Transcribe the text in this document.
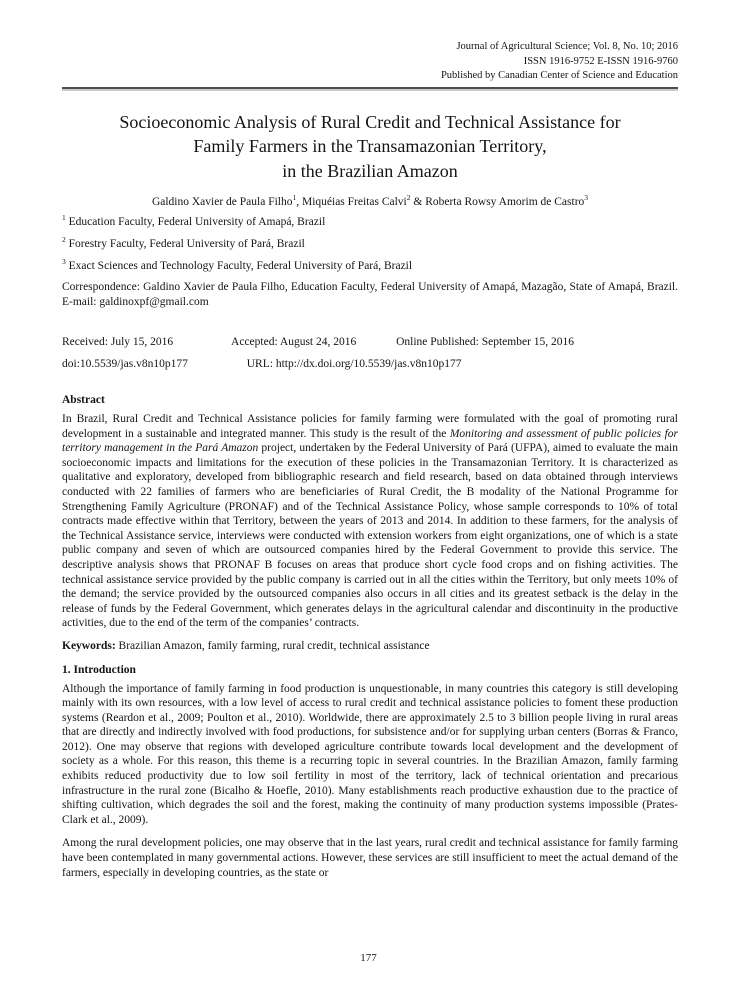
Journal of Agricultural Science; Vol. 8, No. 10; 2016
ISSN 1916-9752 E-ISSN 1916-9760
Published by Canadian Center of Science and Education
Socioeconomic Analysis of Rural Credit and Technical Assistance for
Family Farmers in the Transamazonian Territory,
in the Brazilian Amazon

Galdino Xavier de Paula Filho$^1$, Miquéias Freitas Calvi$^2$ & Roberta Rowsy Amorim de Castro$^3$

$^1$ Education Faculty, Federal University of Amapá, Brazil

$^2$ Forestry Faculty, Federal University of Pará, Brazil

$^3$ Exact Sciences and Technology Faculty, Federal University of Pará, Brazil

Correspondence: Galdino Xavier de Paula Filho, Education Faculty, Federal University of Amapá, Mazagão, State of Amapá, Brazil. E-mail: galdinoxpf@gmail.com

Received: July 15, 2016	Accepted: August 24, 2016	Online Published: September 15, 2016
doi:10.5539/jas.v8n10p177	URL: http://dx.doi.org/10.5539/jas.v8n10p177
Abstract

In Brazil, Rural Credit and Technical Assistance policies for family farming were formulated with the goal of promoting rural development in a sustainable and integrated manner. This study is the result of the Monitoring and assessment of public policies for territory management in the Pará Amazon project, undertaken by the Federal University of Pará (UFPA), aimed to evaluate the main socioeconomic impacts and limitations for the execution of these policies in the Transamazonian Territory. It is characterized as qualitative and exploratory, developed from bibliographic research and field research, based on data obtained through interviews conducted with 22 families of farmers who are beneficiaries of Rural Credit, the B modality of the National Programme for Strengthening Family Agriculture (PRONAF) and of the Technical Assistance Policy, whose sample corresponds to 10% of total contracts made effective within that Territory, between the years of 2013 and 2014. In addition to these farmers, for the analysis of the Technical Assistance service, interviews were conducted with extension workers from eight organizations, one of which is a state public company and seven of which are outsourced companies hired by the Federal Government to provide this service. The descriptive analysis shows that PRONAF B focuses on areas that produce short cycle food crops and on fishing activities. The technical assistance service provided by the public company is carried out in all the cities within the Territory, but only meets 10% of the demand; the service provided by the outsourced companies also occurs in all cities and its greatest setback is the delay in the release of funds by the Federal Government, which generates delays in the agricultural calendar and discontinuity in the productive activities, due to the end of the term of the companies’ contracts.

Keywords: Brazilian Amazon, family farming, rural credit, technical assistance

1. Introduction

Although the importance of family farming in food production is unquestionable, in many countries this category is still developing mainly with its own resources, with a low level of access to rural credit and technical assistance policies to foment these production systems (Reardon et al., 2009; Poulton et al., 2010). Worldwide, there are approximately 2.5 to 3 billion people living in rural areas that are directly and indirectly involved with food productions, for subsistence and/or for supplying urban centers (Borras & Franco, 2012). One may observe that regions with developed agriculture contribute towards local development and the development of society as a whole. For this reason, this theme is a recurring topic in several countries. In the Brazilian Amazon, family farming exhibits reduced productivity due to low soil fertility in most of the territory, lack of technical orientation and precarious infrastructure in the rural zone (Bicalho & Hoefle, 2010). Many establishments reach productive exhaustion due to the practice of shifting cultivation, which degrades the soil and the forest, making the continuity of many production systems impossible (Prates-Clark et al., 2009).

Among the rural development policies, one may observe that in the last years, rural credit and technical assistance for family farming have been contemplated in many governmental actions. However, these services are still insufficient to meet the actual demand of the farmers, especially in developing countries, as the state or

177
